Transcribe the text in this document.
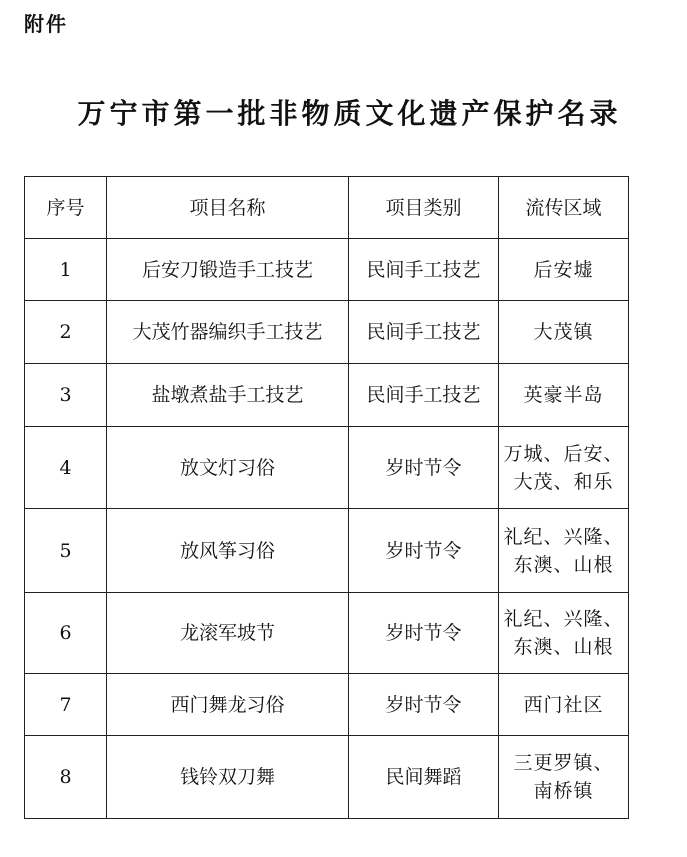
附件
万宁市第一批非物质文化遗产保护名录
序号	项目名称	项目类别	流传区域
1	后安刀锻造手工技艺	民间手工技艺	后安墟

2	大茂竹器编织手工技艺	民间手工技艺	大茂镇

3	盐墩煮盐手工技艺	民间手工技艺	英豪半岛

4	放文灯习俗	岁时节令	万城、后安、
大茂、和乐

5	放风筝习俗	岁时节令	礼纪、兴隆、
东澳、山根

6	龙滚军坡节	岁时节令	礼纪、兴隆、
东澳、山根

7	西门舞龙习俗	岁时节令	西门社区

8	钱铃双刀舞	民间舞蹈	三更罗镇、
南桥镇
